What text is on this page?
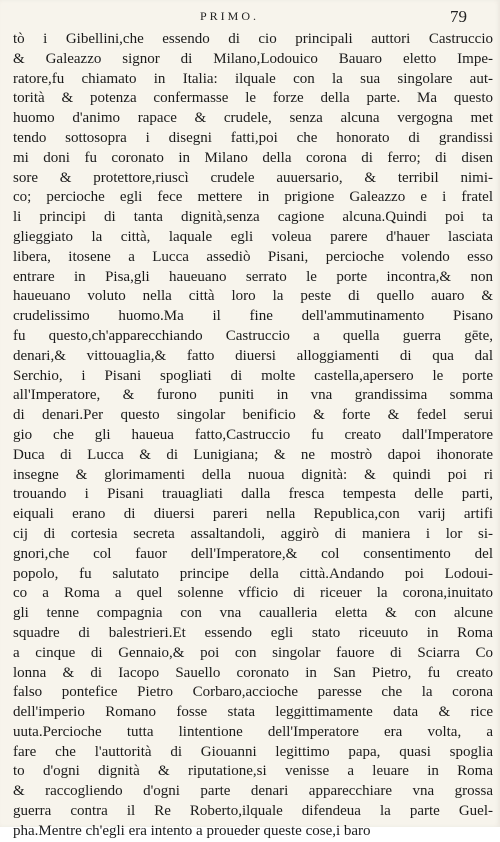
PRIMO.	79
tò i Gibellini,che essendo di cio principali auttori Castruccio
& Galeazzo signor di Milano,Lodouico Bauaro eletto Impe-
ratore,fu chiamato in Italia: ilquale con la sua singolare aut-
torità & potenza confermasse le forze della parte. Ma questo
huomo d'animo rapace & crudele, senza alcuna vergogna met
tendo sottosopra i disegni fatti,poi che honorato di grandissi
mi doni fu coronato in Milano della corona di ferro; di disen
sore & protettore,riuscì crudele auuersario, & terribil nimi-
co; percioche egli fece mettere in prigione Galeazzo e i fratel
li principi di tanta dignità,senza cagione alcuna.Quindi poi ta
glieggiato la città, laquale egli voleua parere d'hauer lasciata
libera, itosene a Lucca assediò Pisani, percioche volendo esso
entrare in Pisa,gli haueuano serrato le porte incontra,& non
haueuano voluto nella città loro la peste di quello auaro &
crudelissimo huomo.Ma il fine dell'ammutinamento Pisano
fu questo,ch'apparecchiando Castruccio a quella guerra gēte,
denari,& vittouaglia,& fatto diuersi alloggiamenti di qua dal
Serchio, i Pisani spogliati di molte castella,apersero le porte
all'Imperatore, & furono puniti in vna grandissima somma
di denari.Per questo singolar benificio & forte & fedel serui
gio che gli haueua fatto,Castruccio fu creato dall'Imperatore
Duca di Lucca & di Lunigiana; & ne mostrò dapoi ihonorate
insegne & glorimamenti della nuoua dignità: & quindi poi ri
trouando i Pisani trauagliati dalla fresca tempesta delle parti,
eiquali erano di diuersi pareri nella Republica,con varij artifi
cij di cortesia secreta assaltandoli, aggirò di maniera i lor si-
gnori,che col fauor dell'Imperatore,& col consentimento del
popolo, fu salutato principe della città.Andando poi Lodoui-
co a Roma a quel solenne vfficio di riceuer la corona,inuitato
gli tenne compagnia con vna caualleria eletta & con alcune
squadre di balestrieri.Et essendo egli stato riceuuto in Roma
a cinque di Gennaio,& poi con singolar fauore di Sciarra Co
lonna & di Iacopo Sauello coronato in San Pietro, fu creato
falso pontefice Pietro Corbaro,accioche paresse che la corona
dell'imperio Romano fosse stata leggittimamente data & rice
uuta.Percioche tutta lintentione dell'Imperatore era volta, a
fare che l'auttorità di Giouanni legittimo papa, quasi spoglia
to d'ogni dignità & riputatione,si venisse a leuare in Roma
& raccogliendo d'ogni parte denari apparecchiare vna grossa
guerra contra il Re Roberto,ilquale difendeua la parte Guel-
pha.Mentre ch'egli era intento a proueder queste cose,i baro
